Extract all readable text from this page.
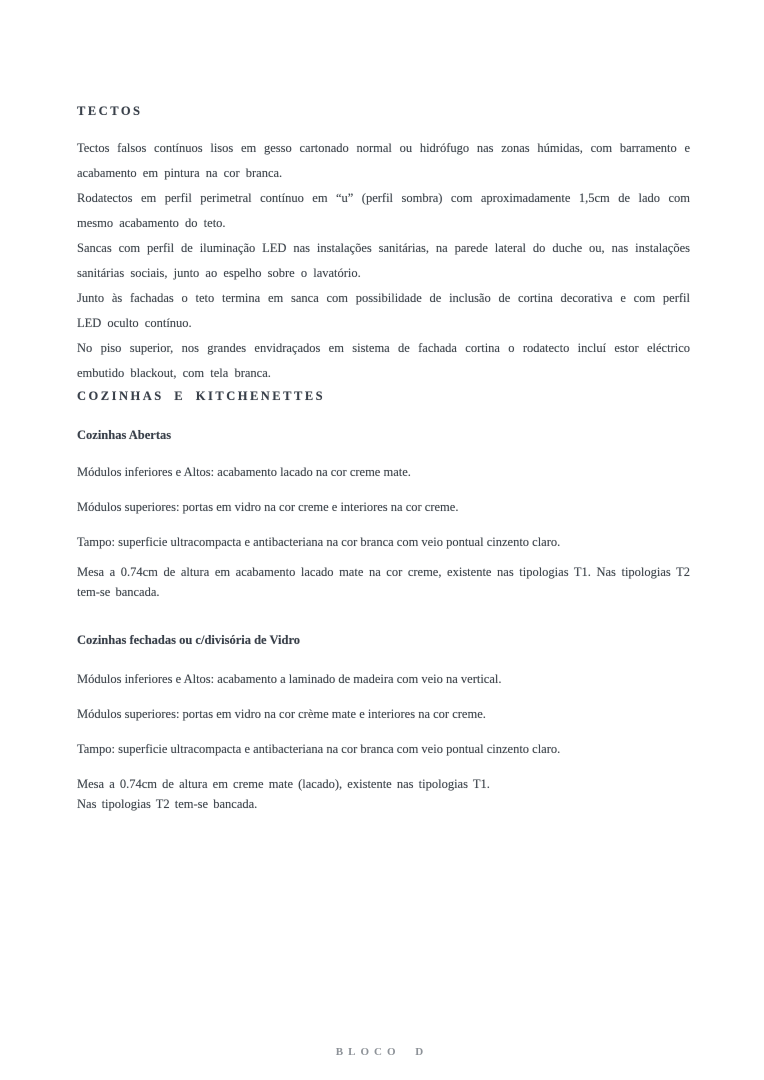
TECTOS

Tectos falsos contínuos lisos em gesso cartonado normal ou hidrófugo nas zonas húmidas, com barramento e acabamento em pintura na cor branca.

Rodatectos em perfil perimetral contínuo em “u” (perfil sombra) com aproximadamente 1,5cm de lado com mesmo acabamento do teto.

Sancas com perfil de iluminação LED nas instalações sanitárias, na parede lateral do duche ou, nas instalações sanitárias sociais, junto ao espelho sobre o lavatório.

Junto às fachadas o teto termina em sanca com possibilidade de inclusão de cortina decorativa e com perfil LED oculto contínuo.

No piso superior, nos grandes envidraçados em sistema de fachada cortina o rodatecto incluí estor eléctrico embutido blackout, com tela branca.

COZINHAS E KITCHENETTES
Cozinhas Abertas

Módulos inferiores e Altos: acabamento lacado na cor creme mate.

Módulos superiores: portas em vidro na cor creme e interiores na cor creme.

Tampo: superficie ultracompacta e antibacteriana na cor branca com veio pontual cinzento claro.

Mesa a 0.74cm de altura em acabamento lacado mate na cor creme, existente nas tipologias T1. Nas tipologias T2 tem-se bancada.

Cozinhas fechadas ou c/divisória de Vidro

Módulos inferiores e Altos: acabamento a laminado de madeira com veio na vertical.

Módulos superiores: portas em vidro na cor crème mate e interiores na cor creme.

Tampo: superficie ultracompacta e antibacteriana na cor branca com veio pontual cinzento claro.

Mesa a 0.74cm de altura em creme mate (lacado), existente nas tipologias T1.
Nas tipologias T2 tem-se bancada.

BLOCO D
